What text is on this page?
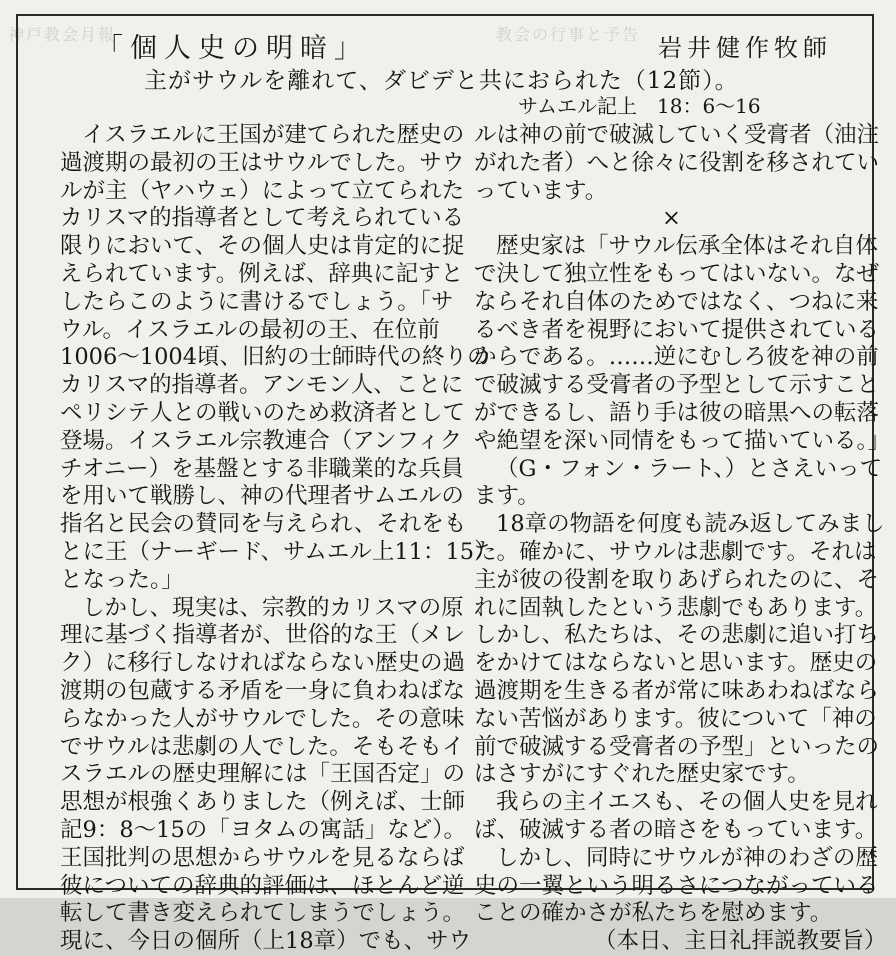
神戸教会月報	教会の行事と予告
「個人史の明暗」	岩井健作牧師
主がサウルを離れて、ダビデと共におられた（12節）。
サムエル記上　18：6〜16
イスラエルに王国が建てられた歴史の
過渡期の最初の王はサウルでした。サウ
ルが主（ヤハウェ）によって立てられた
カリスマ的指導者として考えられている
限りにおいて、その個人史は肯定的に捉
えられています。例えば、辞典に記すと
したらこのように書けるでしょう。「サ
ウル。イスラエルの最初の王、在位前
1006〜1004頃、旧約の士師時代の終りの
カリスマ的指導者。アンモン人、ことに
ペリシテ人との戦いのため救済者として
登場。イスラエル宗教連合（アンフィク
チオニー）を基盤とする非職業的な兵員
を用いて戦勝し、神の代理者サムエルの
指名と民会の賛同を与えられ、それをも
とに王（ナーギード、サムエル上11：15）
となった。」
しかし、現実は、宗教的カリスマの原
理に基づく指導者が、世俗的な王（メレ
ク）に移行しなければならない歴史の過
渡期の包蔵する矛盾を一身に負わねばな
らなかった人がサウルでした。その意味
でサウルは悲劇の人でした。そもそもイ
スラエルの歴史理解には「王国否定」の
思想が根強くありました（例えば、士師
記9：8〜15の「ヨタムの寓話」など）。
王国批判の思想からサウルを見るならば
彼についての辞典的評価は、ほとんど逆
転して書き変えられてしまうでしょう。
現に、今日の個所（上18章）でも、サウ
ルは神の前で破滅していく受膏者（油注
がれた者）へと徐々に役割を移されてい
っています。
×
歴史家は「サウル伝承全体はそれ自体
で決して独立性をもってはいない。なぜ
ならそれ自体のためではなく、つねに来
るべき者を視野において提供されている
からである。……逆にむしろ彼を神の前
で破滅する受膏者の予型として示すこと
ができるし、語り手は彼の暗黒への転落
や絶望を深い同情をもって描いている。」
（G・フォン・ラート、）とさえいって
ます。
18章の物語を何度も読み返してみまし
た。確かに、サウルは悲劇です。それは
主が彼の役割を取りあげられたのに、そ
れに固執したという悲劇でもあります。
しかし、私たちは、その悲劇に追い打ち
をかけてはならないと思います。歴史の
過渡期を生きる者が常に味あわねばなら
ない苦悩があります。彼について「神の
前で破滅する受膏者の予型」といったの
はさすがにすぐれた歴史家です。
我らの主イエスも、その個人史を見れ
ば、破滅する者の暗さをもっています。
しかし、同時にサウルが神のわざの歴
史の一翼という明るさにつながっている
ことの確かさが私たちを慰めます。
（本日、主日礼拝説教要旨）
